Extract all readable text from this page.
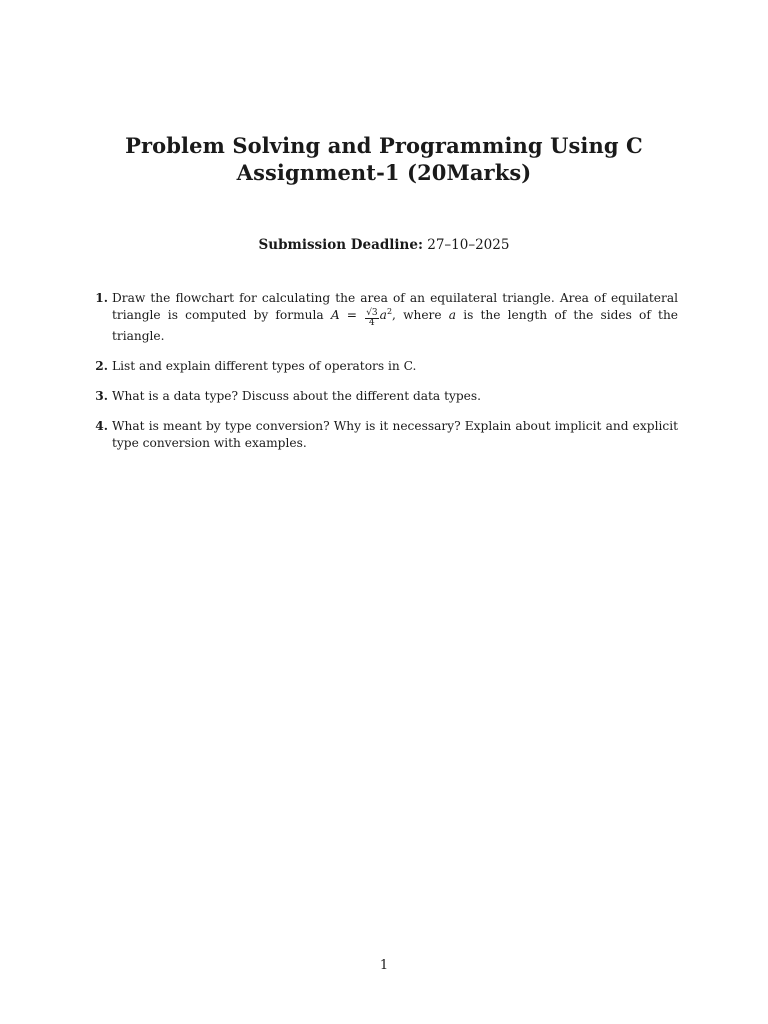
Problem Solving and Programming Using C
Assignment-1 (20Marks)
Submission Deadline: 27–10–2025
1. Draw the flowchart for calculating the area of an equilateral triangle. Area of equilateral triangle is computed by formula $A = \frac{√3}{4} a^2$, where a is the length of the sides of the triangle.
2. List and explain different types of operators in C.
3. What is a data type? Discuss about the different data types.
4. What is meant by type conversion? Why is it necessary? Explain about implicit and explicit type conversion with examples.
1
